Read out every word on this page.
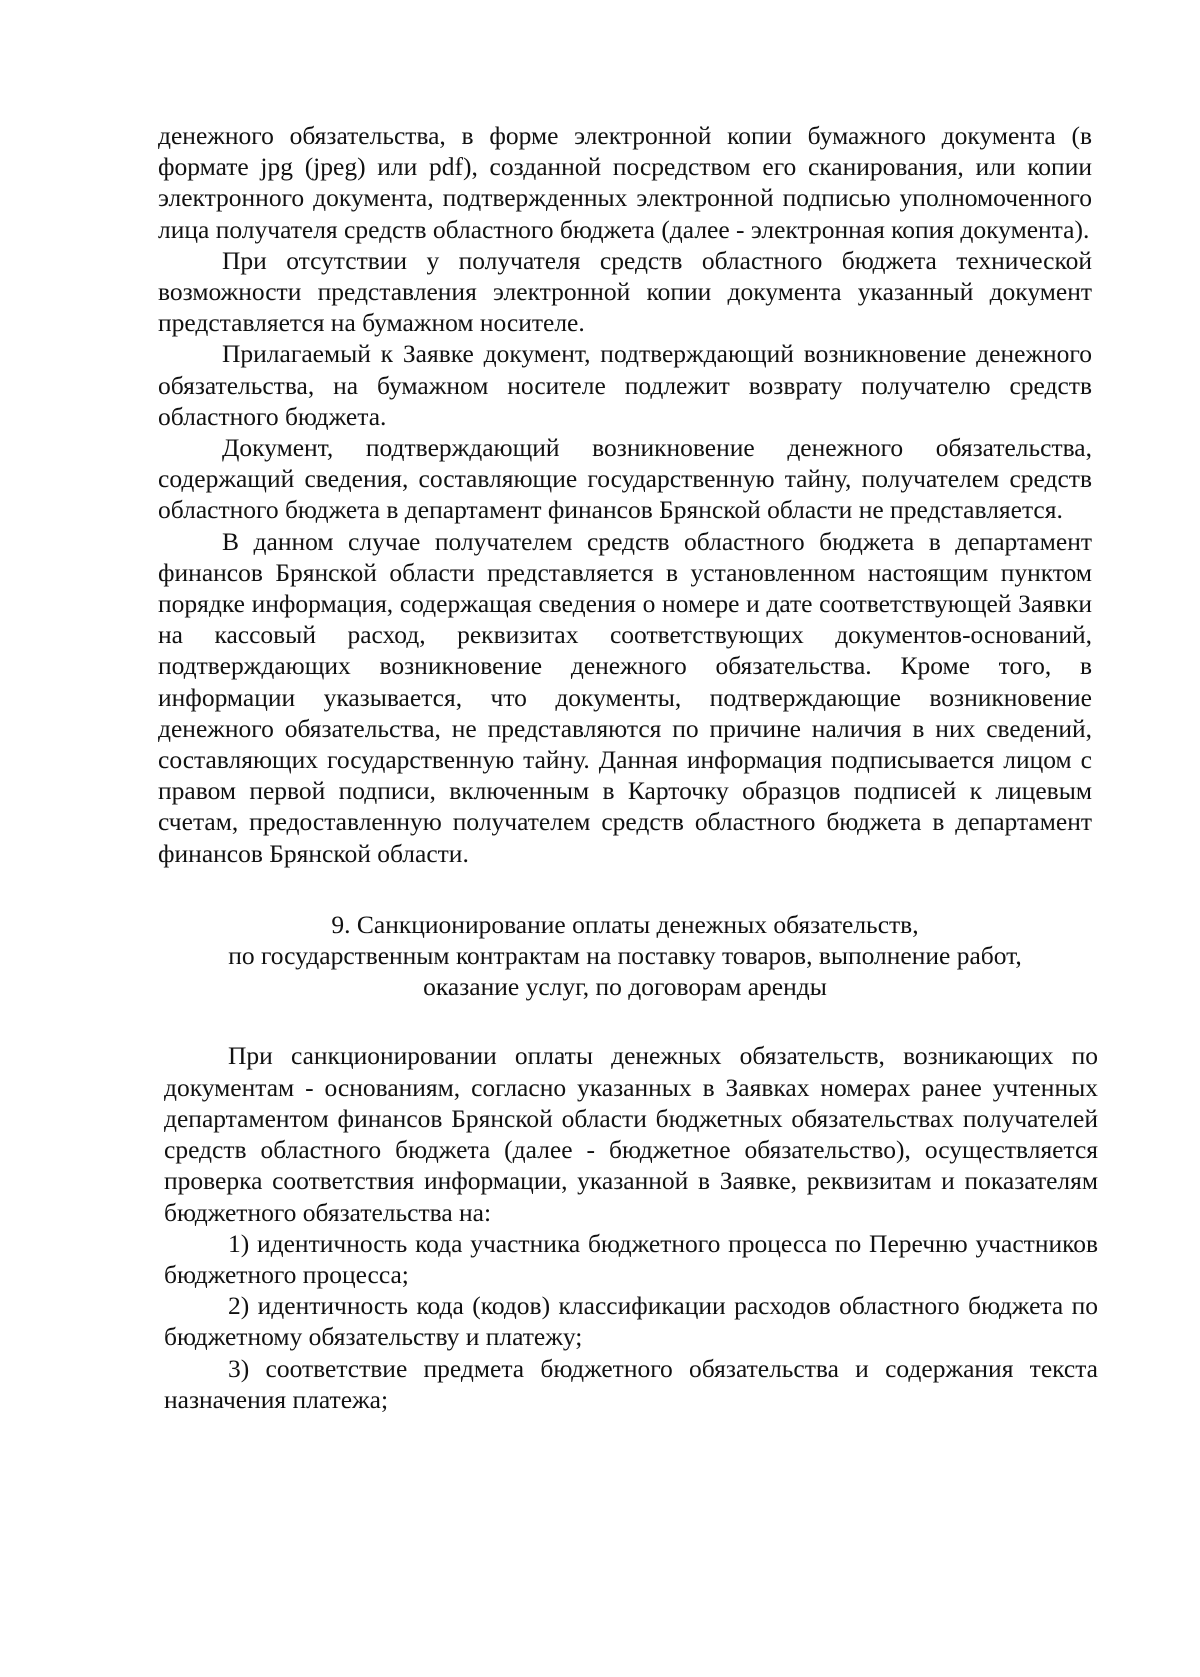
денежного обязательства, в форме электронной копии бумажного документа (в формате jpg (jpeg) или pdf), созданной посредством его сканирования, или копии электронного документа, подтвержденных электронной подписью уполномоченного лица получателя средств областного бюджета (далее - электронная копия документа).

При отсутствии у получателя средств областного бюджета технической возможности представления электронной копии документа указанный документ представляется на бумажном носителе.

Прилагаемый к Заявке документ, подтверждающий возникновение денежного обязательства, на бумажном носителе подлежит возврату получателю средств областного бюджета.

Документ, подтверждающий возникновение денежного обязательства, содержащий сведения, составляющие государственную тайну, получателем средств областного бюджета в департамент финансов Брянской области не представляется.

В данном случае получателем средств областного бюджета в департамент финансов Брянской области представляется в установленном настоящим пунктом порядке информация, содержащая сведения о номере и дате соответствующей Заявки на кассовый расход, реквизитах соответствующих документов-оснований, подтверждающих возникновение денежного обязательства. Кроме того, в информации указывается, что документы, подтверждающие возникновение денежного обязательства, не представляются по причине наличия в них сведений, составляющих государственную тайну. Данная информация подписывается лицом с правом первой подписи, включенным в Карточку образцов подписей к лицевым счетам, предоставленную получателем средств областного бюджета в департамент финансов Брянской области.

9. Санкционирование оплаты денежных обязательств,
по государственным контрактам на поставку товаров, выполнение работ,
оказание услуг, по договорам аренды

При санкционировании оплаты денежных обязательств, возникающих по документам - основаниям, согласно указанных в Заявках номерах ранее учтенных департаментом финансов Брянской области бюджетных обязательствах получателей средств областного бюджета (далее - бюджетное обязательство), осуществляется проверка соответствия информации, указанной в Заявке, реквизитам и показателям бюджетного обязательства на:

1) идентичность кода участника бюджетного процесса по Перечню участников бюджетного процесса;

2) идентичность кода (кодов) классификации расходов областного бюджета по бюджетному обязательству и платежу;

3) соответствие предмета бюджетного обязательства и содержания текста назначения платежа;
